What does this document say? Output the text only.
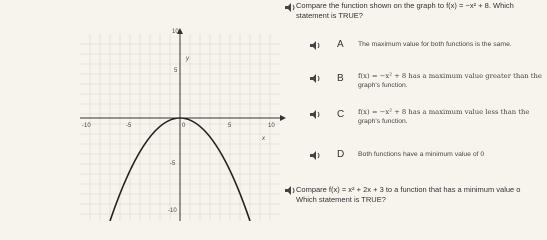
10
5
-5
-10
-10	-5	5	10
0
y
x
Compare the function shown on the graph to f(x) = −x² + 8. Which
statement is TRUE?
A The maximum value for both functions is the same.
B f(x) = −x² + 8 has a maximum value greater than the
graph's function.
C f(x) = −x² + 8 has a maximum value less than the
graph's function.
D Both functions have a minimum value of 0
Compare f(x) = x² + 2x + 3 to a function that has a minimum value o
Which statement is TRUE?
